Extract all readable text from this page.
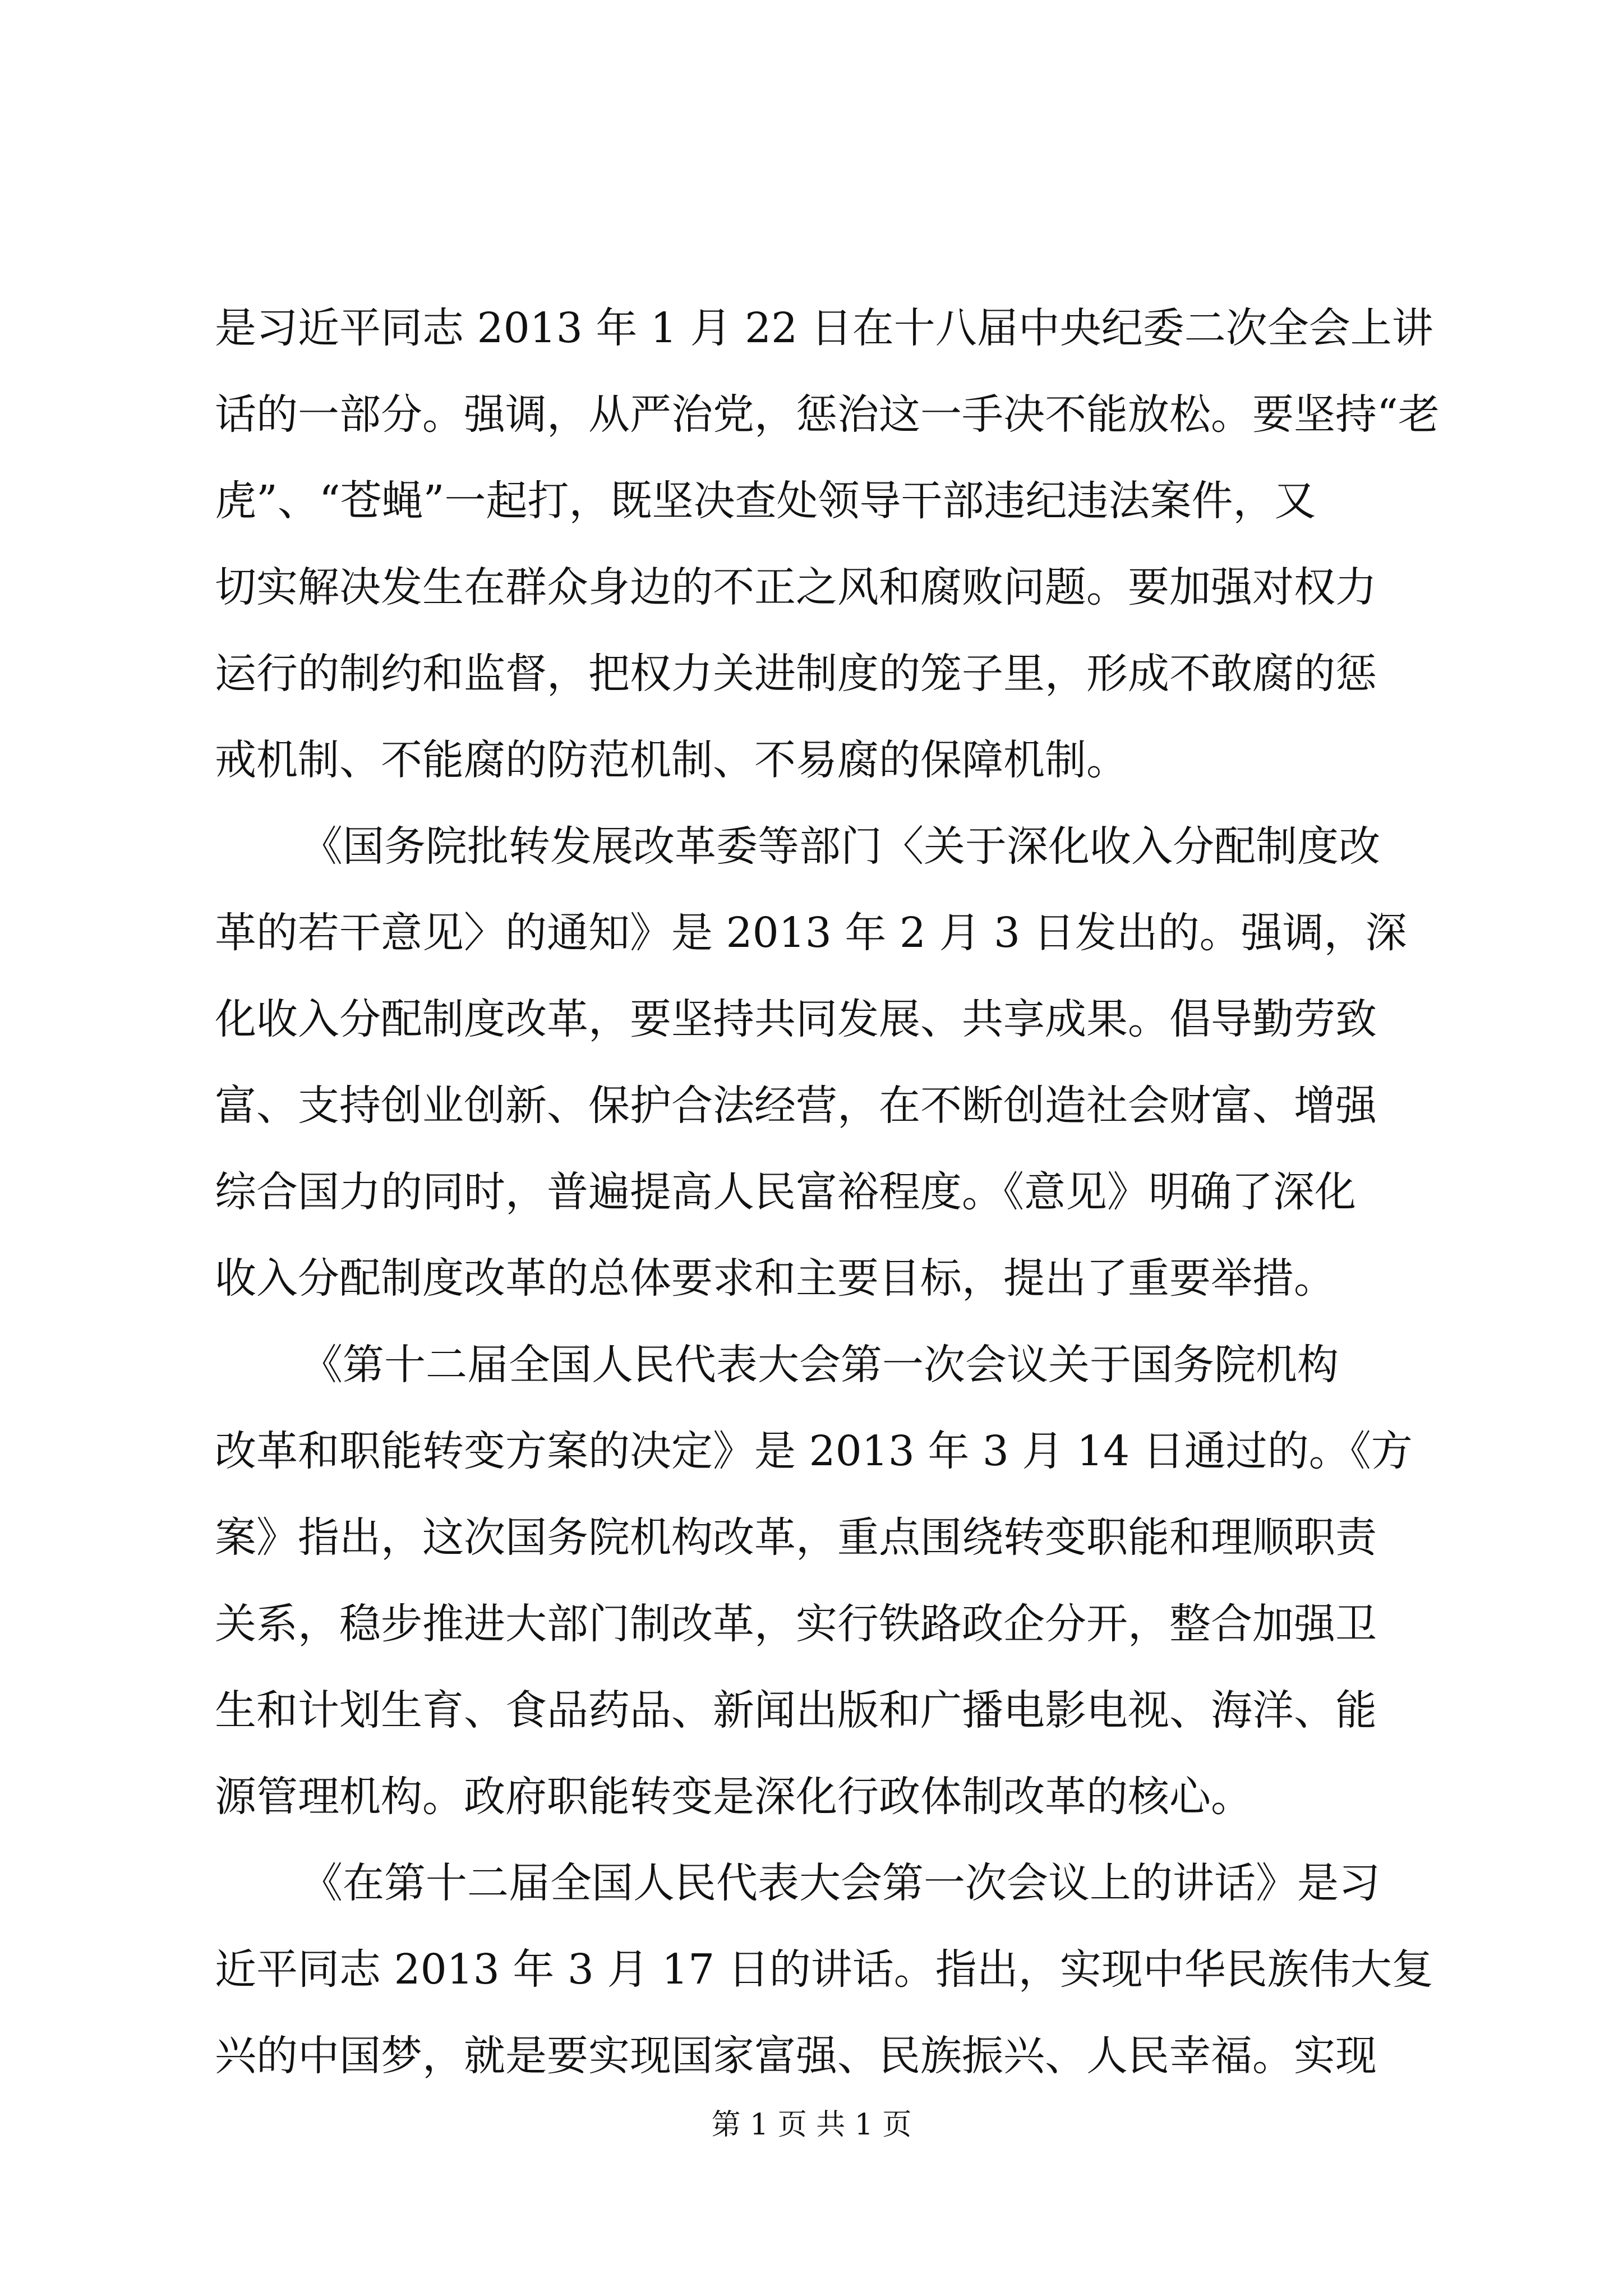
是习近平同志 2013 年 1 月 22 日在十八届中央纪委二次全会上讲
话的一部分。强调，从严治党，惩治这一手决不能放松。要坚持“老
虎”、“苍蝇”一起打，既坚决查处领导干部违纪违法案件，又
切实解决发生在群众身边的不正之风和腐败问题。要加强对权力
运行的制约和监督，把权力关进制度的笼子里，形成不敢腐的惩
戒机制、不能腐的防范机制、不易腐的保障机制。
《国务院批转发展改革委等部门〈关于深化收入分配制度改
革的若干意见〉的通知》是 2013 年 2 月 3 日发出的。强调，深
化收入分配制度改革，要坚持共同发展、共享成果。倡导勤劳致
富、支持创业创新、保护合法经营，在不断创造社会财富、增强
综合国力的同时，普遍提高人民富裕程度。《意见》明确了深化
收入分配制度改革的总体要求和主要目标，提出了重要举措。
《第十二届全国人民代表大会第一次会议关于国务院机构
改革和职能转变方案的决定》是 2013 年 3 月 14 日通过的。《方
案》指出，这次国务院机构改革，重点围绕转变职能和理顺职责
关系，稳步推进大部门制改革，实行铁路政企分开，整合加强卫
生和计划生育、食品药品、新闻出版和广播电影电视、海洋、能
源管理机构。政府职能转变是深化行政体制改革的核心。
《在第十二届全国人民代表大会第一次会议上的讲话》是习
近平同志 2013 年 3 月 17 日的讲话。指出，实现中华民族伟大复
兴的中国梦，就是要实现国家富强、民族振兴、人民幸福。实现
第 1 页 共 1 页
